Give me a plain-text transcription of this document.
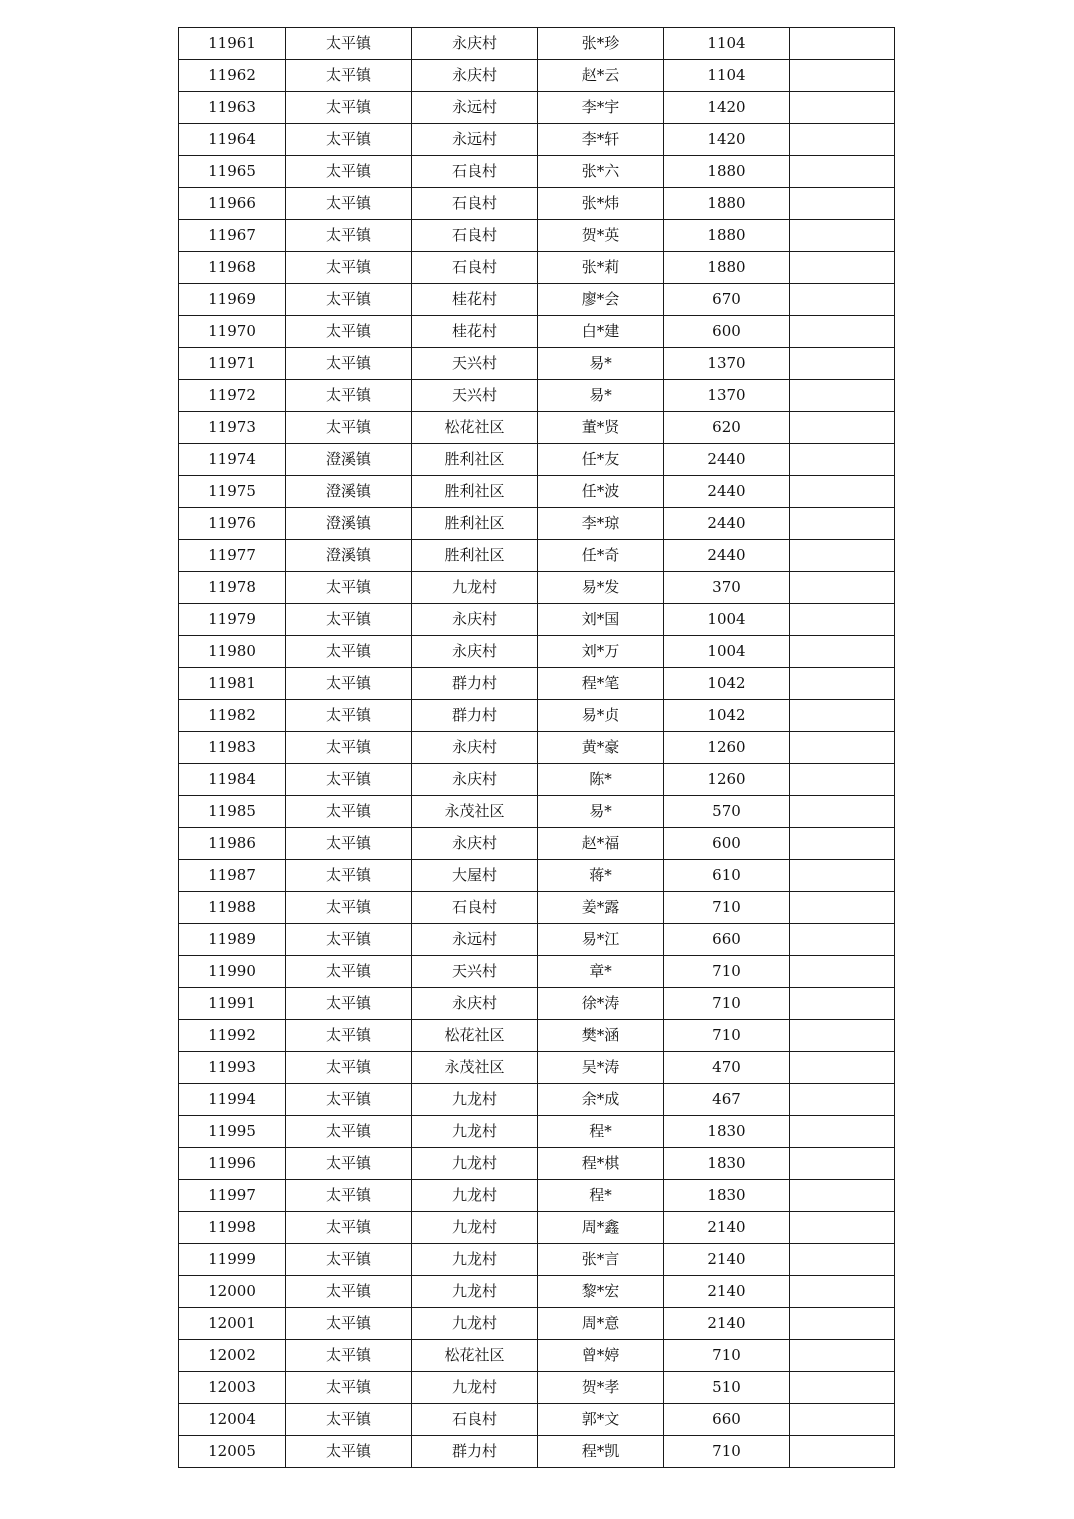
11961	太平镇	永庆村	张*珍	1104	
11962	太平镇	永庆村	赵*云	1104	
11963	太平镇	永远村	李*宇	1420	
11964	太平镇	永远村	李*轩	1420	
11965	太平镇	石良村	张*六	1880	
11966	太平镇	石良村	张*炜	1880	
11967	太平镇	石良村	贺*英	1880	
11968	太平镇	石良村	张*莉	1880	
11969	太平镇	桂花村	廖*会	670	
11970	太平镇	桂花村	白*建	600	
11971	太平镇	天兴村	易*	1370	
11972	太平镇	天兴村	易*	1370	
11973	太平镇	松花社区	董*贤	620	
11974	澄溪镇	胜利社区	任*友	2440	
11975	澄溪镇	胜利社区	任*波	2440	
11976	澄溪镇	胜利社区	李*琼	2440	
11977	澄溪镇	胜利社区	任*奇	2440	
11978	太平镇	九龙村	易*发	370	
11979	太平镇	永庆村	刘*国	1004	
11980	太平镇	永庆村	刘*万	1004	
11981	太平镇	群力村	程*笔	1042	
11982	太平镇	群力村	易*贞	1042	
11983	太平镇	永庆村	黄*豪	1260	
11984	太平镇	永庆村	陈*	1260	
11985	太平镇	永茂社区	易*	570	
11986	太平镇	永庆村	赵*福	600	
11987	太平镇	大屋村	蒋*	610	
11988	太平镇	石良村	姜*露	710	
11989	太平镇	永远村	易*江	660	
11990	太平镇	天兴村	章*	710	
11991	太平镇	永庆村	徐*涛	710	
11992	太平镇	松花社区	樊*涵	710	
11993	太平镇	永茂社区	吴*涛	470	
11994	太平镇	九龙村	余*成	467	
11995	太平镇	九龙村	程*	1830	
11996	太平镇	九龙村	程*棋	1830	
11997	太平镇	九龙村	程*	1830	
11998	太平镇	九龙村	周*鑫	2140	
11999	太平镇	九龙村	张*言	2140	
12000	太平镇	九龙村	黎*宏	2140	
12001	太平镇	九龙村	周*意	2140	
12002	太平镇	松花社区	曾*婷	710	
12003	太平镇	九龙村	贺*孝	510	
12004	太平镇	石良村	郭*文	660	
12005	太平镇	群力村	程*凯	710	
